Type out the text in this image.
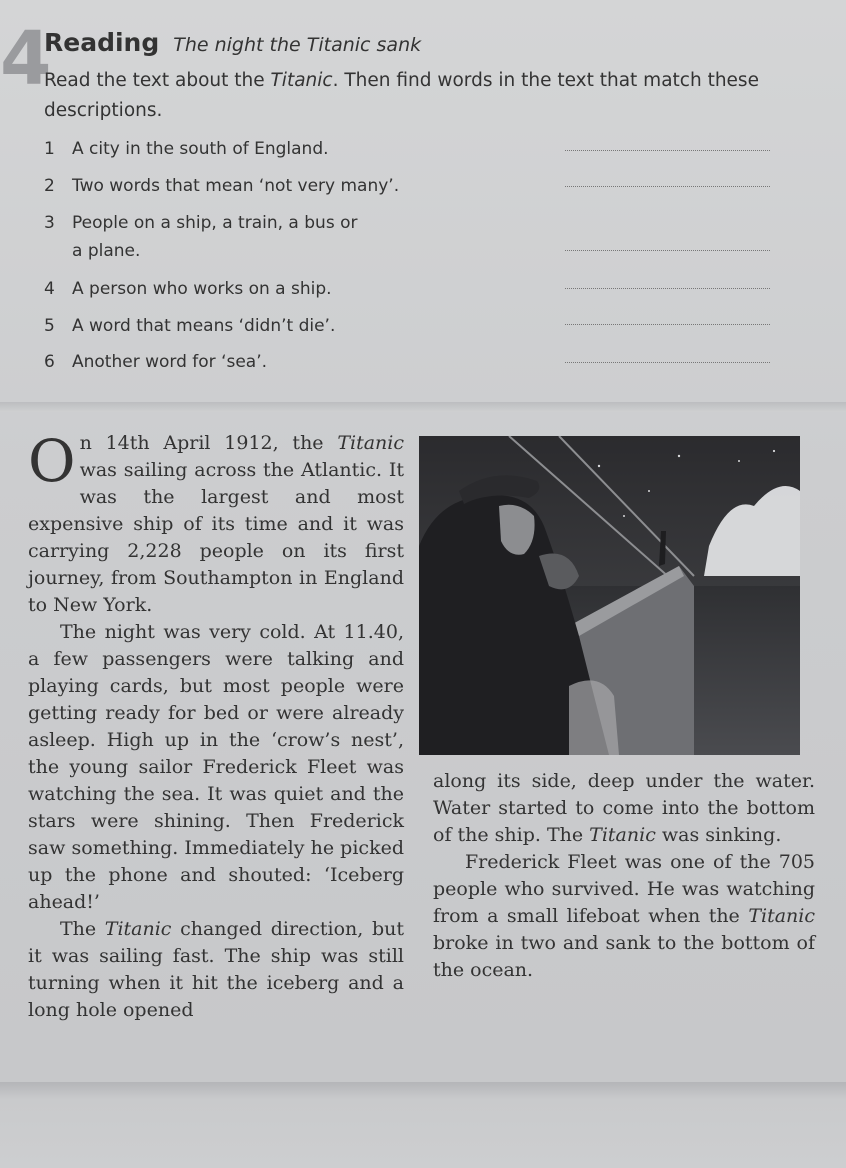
4
Reading The night the Titanic sank
Read the text about the Titanic. Then find words in the text that match these descriptions.
1 A city in the south of England.
2 Two words that mean ‘not very many’.
3 People on a ship, a train, a bus or
a plane.
4 A person who works on a ship.
5 A word that means ‘didn’t die’.
6 Another word for ‘sea’.

On 14th April 1912, the Titanic was sailing across the Atlantic. It was the largest and most expensive ship of its time and it was carrying 2,228 people on its first journey, from Southampton in England to New York.

The night was very cold. At 11.40, a few passengers were talking and playing cards, but most people were getting ready for bed or were already asleep. High up in the ‘crow’s nest’, the young sailor Frederick Fleet was watching the sea. It was quiet and the stars were shining. Then Frederick saw something. Immediately he picked up the phone and shouted: ‘Iceberg ahead!’

The Titanic changed direction, but it was sailing fast. The ship was still turning when it hit the iceberg and a long hole opened

along its side, deep under the water. Water started to come into the bottom of the ship. The Titanic was sinking.

Frederick Fleet was one of the 705 people who survived. He was watching from a small lifeboat when the Titanic broke in two and sank to the bottom of the ocean.
